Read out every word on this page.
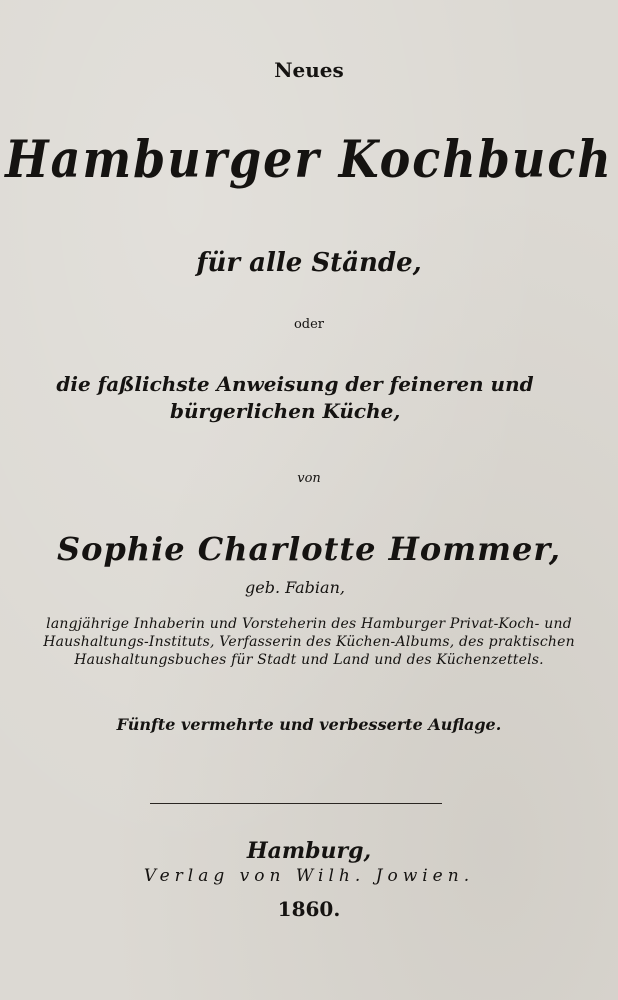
Neues
Hamburger Kochbuch
für alle Stände,
oder
die faßlichste Anweisung der feineren und
bürgerlichen Küche,
von
Sophie Charlotte Hommer,
geb. Fabian,
langjährige Inhaberin und Vorsteherin des Hamburger Privat-Koch- und
Haushaltungs-Instituts, Verfasserin des Küchen-Albums, des praktischen
Haushaltungsbuches für Stadt und Land und des Küchenzettels.
Fünfte vermehrte und verbesserte Auflage.
Hamburg,
Verlag von Wilh. Jowien.
1860.
